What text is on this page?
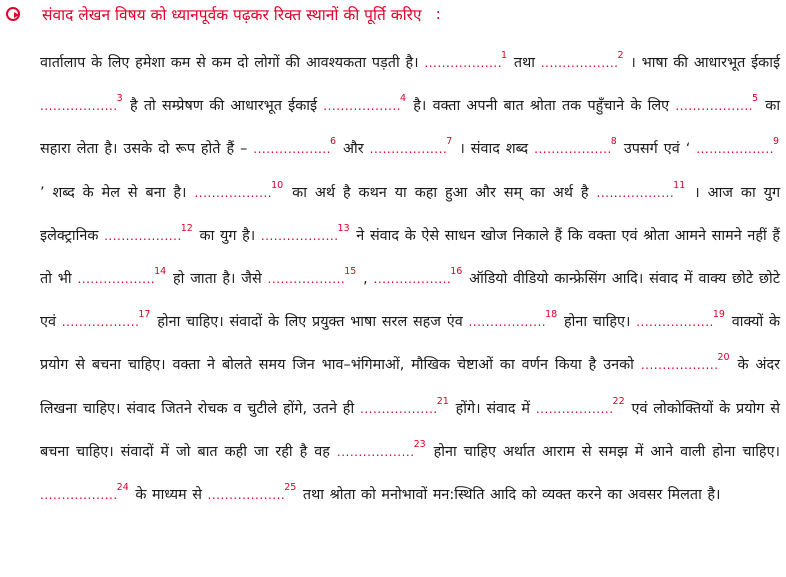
संवाद लेखन विषय को ध्यानपूर्वक पढ़कर रिक्त स्थानों की पूर्ति करिए :
वार्तालाप के लिए हमेशा कम से कम दो लोगों की आवश्यकता पड़ती है। ..................$^1$ तथा ..................$^2$ । भाषा की आधारभूत ईकाई ..................$^3$ है तो सम्प्रेषण की आधारभूत ईकाई ..................$^4$ है। वक्ता अपनी बात श्रोता तक पहुँचाने के लिए ..................$^5$ का सहारा लेता है। उसके दो रूप होते हैं – ..................$^6$ और ..................$^7$ । संवाद शब्द ..................$^8$ उपसर्ग एवं ‘ ..................$^9$ ’ शब्द के मेल से बना है। ..................$^{10}$ का अर्थ है कथन या कहा हुआ और सम् का अर्थ है ..................$^{11}$ । आज का युग इलेक्ट्रानिक ..................$^{12}$ का युग है। ..................$^{13}$ ने संवाद के ऐसे साधन खोज निकाले हैं कि वक्ता एवं श्रोता आमने सामने नहीं हैं तो भी ..................$^{14}$ हो जाता है। जैसे ..................$^{15}$ , ..................$^{16}$ ऑडियो वीडियो कान्फ्रेसिंग आदि। संवाद में वाक्य छोटे छोटे एवं ..................$^{17}$ होना चाहिए। संवादों के लिए प्रयुक्त भाषा सरल सहज एंव ..................$^{18}$ होना चाहिए। ..................$^{19}$ वाक्यों के प्रयोग से बचना चाहिए। वक्ता ने बोलते समय जिन भाव–भंगिमाओं, मौखिक चेष्टाओं का वर्णन किया है उनको ..................$^{20}$ के अंदर लिखना चाहिए। संवाद जितने रोचक व चुटीले होंगे, उतने ही ..................$^{21}$ होंगे। संवाद में ..................$^{22}$ एवं लोकोक्तियों के प्रयोग से बचना चाहिए। संवादों में जो बात कही जा रही है वह ..................$^{23}$ होना चाहिए अर्थात आराम से समझ में आने वाली होना चाहिए। ..................$^{24}$ के माध्यम से ..................$^{25}$ तथा श्रोता को मनोभावों मन:स्थिति आदि को व्यक्त करने का अवसर मिलता है।
